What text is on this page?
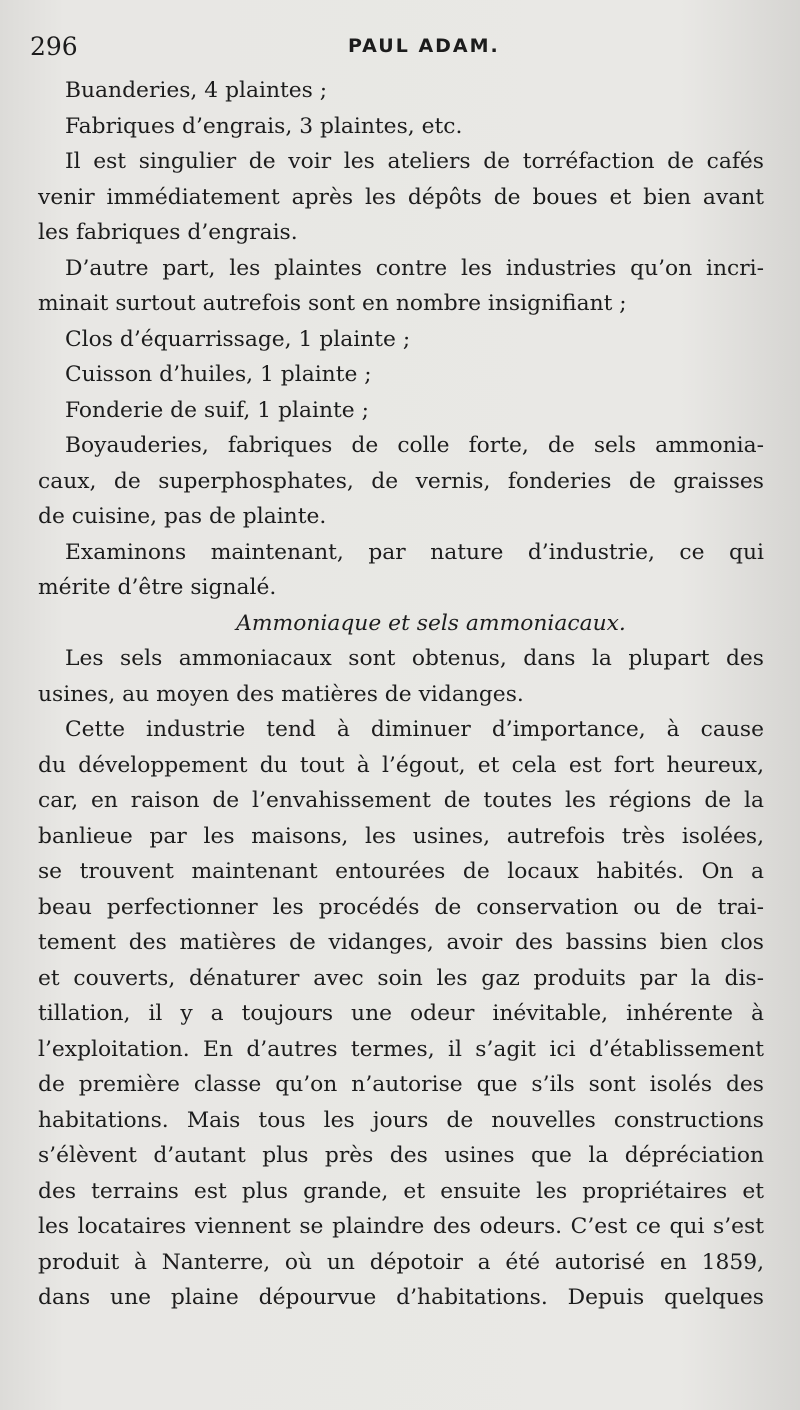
296	PAUL ADAM.
Buanderies, 4 plaintes ;
Fabriques d’engrais, 3 plaintes, etc.
Il est singulier de voir les ateliers de torréfaction de cafés
venir immédiatement après les dépôts de boues et bien avant
les fabriques d’engrais.
D’autre part, les plaintes contre les industries qu’on incri-
minait surtout autrefois sont en nombre insignifiant ;
Clos d’équarrissage, 1 plainte ;
Cuisson d’huiles, 1 plainte ;
Fonderie de suif, 1 plainte ;
Boyauderies, fabriques de colle forte, de sels ammonia-
caux, de superphosphates, de vernis, fonderies de graisses
de cuisine, pas de plainte.
Examinons maintenant, par nature d’industrie, ce qui
mérite d’être signalé.
Ammoniaque et sels ammoniacaux.
Les sels ammoniacaux sont obtenus, dans la plupart des
usines, au moyen des matières de vidanges.
Cette industrie tend à diminuer d’importance, à cause
du développement du tout à l’égout, et cela est fort heureux,
car, en raison de l’envahissement de toutes les régions de la
banlieue par les maisons, les usines, autrefois très isolées,
se trouvent maintenant entourées de locaux habités. On a
beau perfectionner les procédés de conservation ou de trai-
tement des matières de vidanges, avoir des bassins bien clos
et couverts, dénaturer avec soin les gaz produits par la dis-
tillation, il y a toujours une odeur inévitable, inhérente à
l’exploitation. En d’autres termes, il s’agit ici d’établissement
de première classe qu’on n’autorise que s’ils sont isolés des
habitations. Mais tous les jours de nouvelles constructions
s’élèvent d’autant plus près des usines que la dépréciation
des terrains est plus grande, et ensuite les propriétaires et
les locataires viennent se plaindre des odeurs. C’est ce qui s’est
produit à Nanterre, où un dépotoir a été autorisé en 1859,
dans une plaine dépourvue d’habitations. Depuis quelques
